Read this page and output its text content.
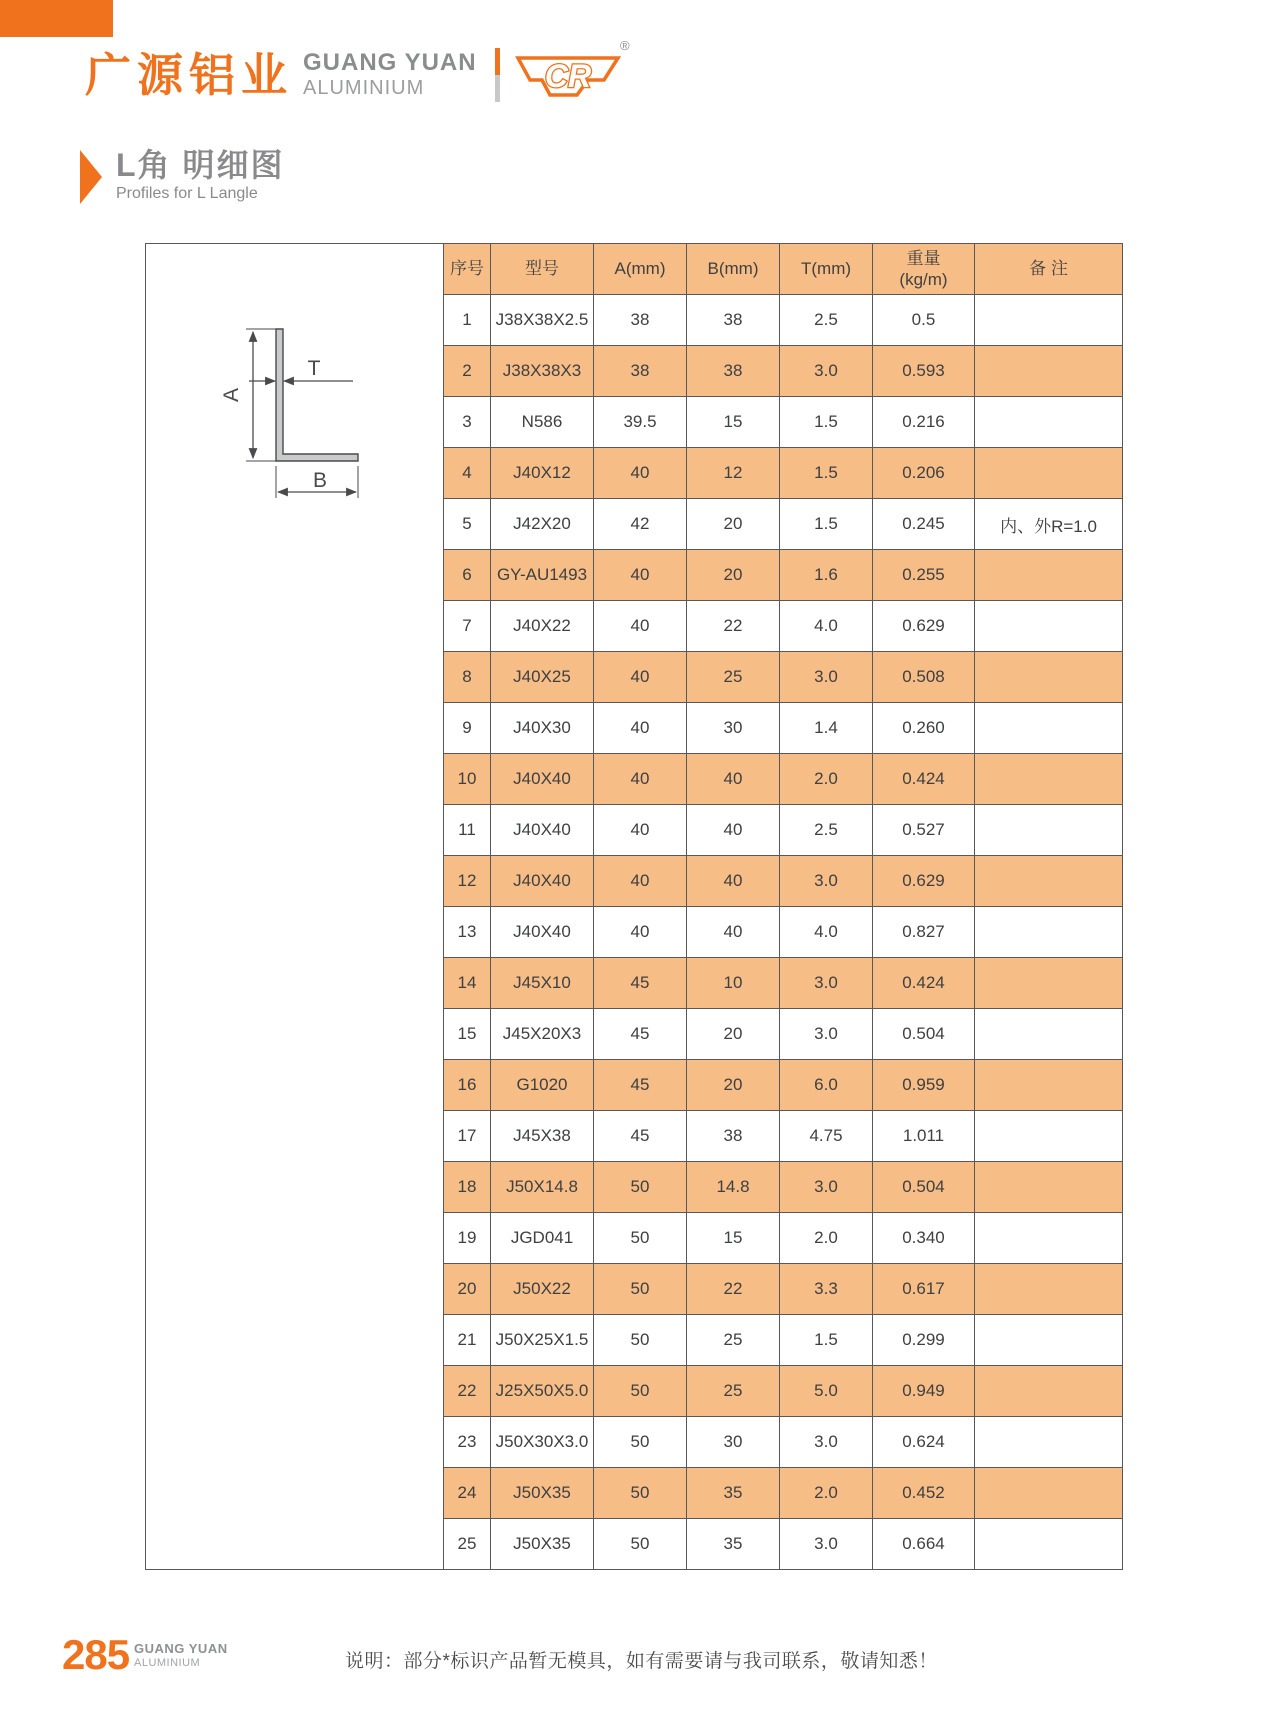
广源铝业 GUANG YUAN
ALUMINIUM	CR
®
L角 明细图
Profiles for L Langle
A
T
B
序号	型号	A(mm)	B(mm)	T(mm)	重量
(kg/m)	备 注
1	J38X38X2.5	38	38	2.5	0.5	
2	J38X38X3	38	38	3.0	0.593	
3	N586	39.5	15	1.5	0.216	
4	J40X12	40	12	1.5	0.206	
5	J42X20	42	20	1.5	0.245	内、外R=1.0
6	GY-AU1493	40	20	1.6	0.255	
7	J40X22	40	22	4.0	0.629	
8	J40X25	40	25	3.0	0.508	
9	J40X30	40	30	1.4	0.260	
10	J40X40	40	40	2.0	0.424	
11	J40X40	40	40	2.5	0.527	
12	J40X40	40	40	3.0	0.629	
13	J40X40	40	40	4.0	0.827	
14	J45X10	45	10	3.0	0.424	
15	J45X20X3	45	20	3.0	0.504	
16	G1020	45	20	6.0	0.959	
17	J45X38	45	38	4.75	1.011	
18	J50X14.8	50	14.8	3.0	0.504	
19	JGD041	50	15	2.0	0.340	
20	J50X22	50	22	3.3	0.617	
21	J50X25X1.5	50	25	1.5	0.299	
22	J25X50X5.0	50	25	5.0	0.949	
23	J50X30X3.0	50	30	3.0	0.624	
24	J50X35	50	35	2.0	0.452	
25	J50X35	50	35	3.0	0.664	
285 GUANG YUAN
ALUMINIUM	说明：部分*标识产品暂无模具，如有需要请与我司联系，敬请知悉！
